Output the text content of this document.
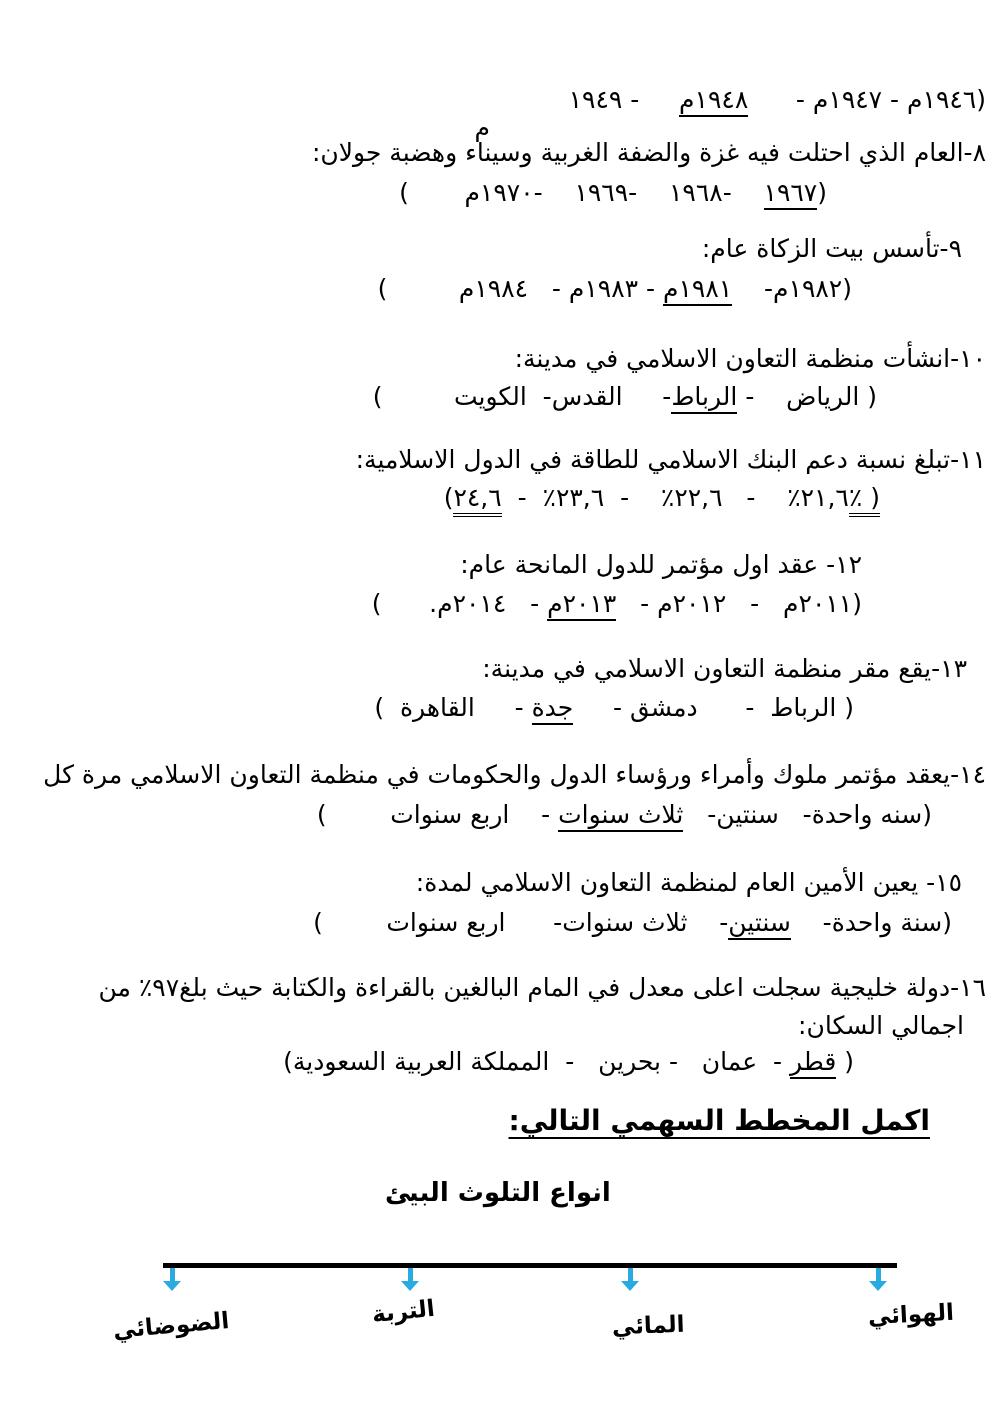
(١٩٤٦م - ١٩٤٧م -      ١٩٤٨م     - ١٩٤٩
م
٨-العام الذي احتلت فيه غزة والضفة الغربية وسيناء وهضبة جولان:
(١٩٦٧    -١٩٦٨    -١٩٦٩    -١٩٧٠م       )
٩-تأسس بيت الزكاة عام:
(١٩٨٢م-    ١٩٨١م - ١٩٨٣م -   ١٩٨٤م         )
١٠-انشأت منظمة التعاون الاسلامي في مدينة:
( الرياض    - الرباط-     القدس-  الكويت         )
١١-تبلغ نسبة دعم البنك الاسلامي للطاقة في الدول الاسلامية:
(٢١,٦٪    -   ٢٢,٦٪    -  ٢٣,٦٪  -  ٢٤,٦٪ )
١٢- عقد اول مؤتمر للدول المانحة عام:
(٢٠١١م   -   ٢٠١٢م -   ٢٠١٣م -   ٢٠١٤م.      )
١٣-يقع مقر منظمة التعاون الاسلامي في مدينة:
( الرباط  -      دمشق -     جدة -     القاهرة  )
١٤-يعقد مؤتمر ملوك وأمراء ورؤساء الدول والحكومات في منظمة التعاون الاسلامي مرة كل
(سنه واحدة-   سنتين-   ثلاث سنوات -    اربع سنوات        )
١٥- يعين الأمين العام لمنظمة التعاون الاسلامي لمدة:
(سنة واحدة-    سنتين-    ثلاث سنوات-      اربع سنوات        )
١٦-دولة خليجية سجلت اعلى معدل في المام البالغين بالقراءة والكتابة حيث بلغ٩٧٪ من
اجمالي السكان:
( قطر -  عمان   - بحرين   -  المملكة العربية السعودية)
اكمل المخطط السهمي التالي:
انواع التلوث البيئ
الهوائي
المائي
التربة
الضوضائي
